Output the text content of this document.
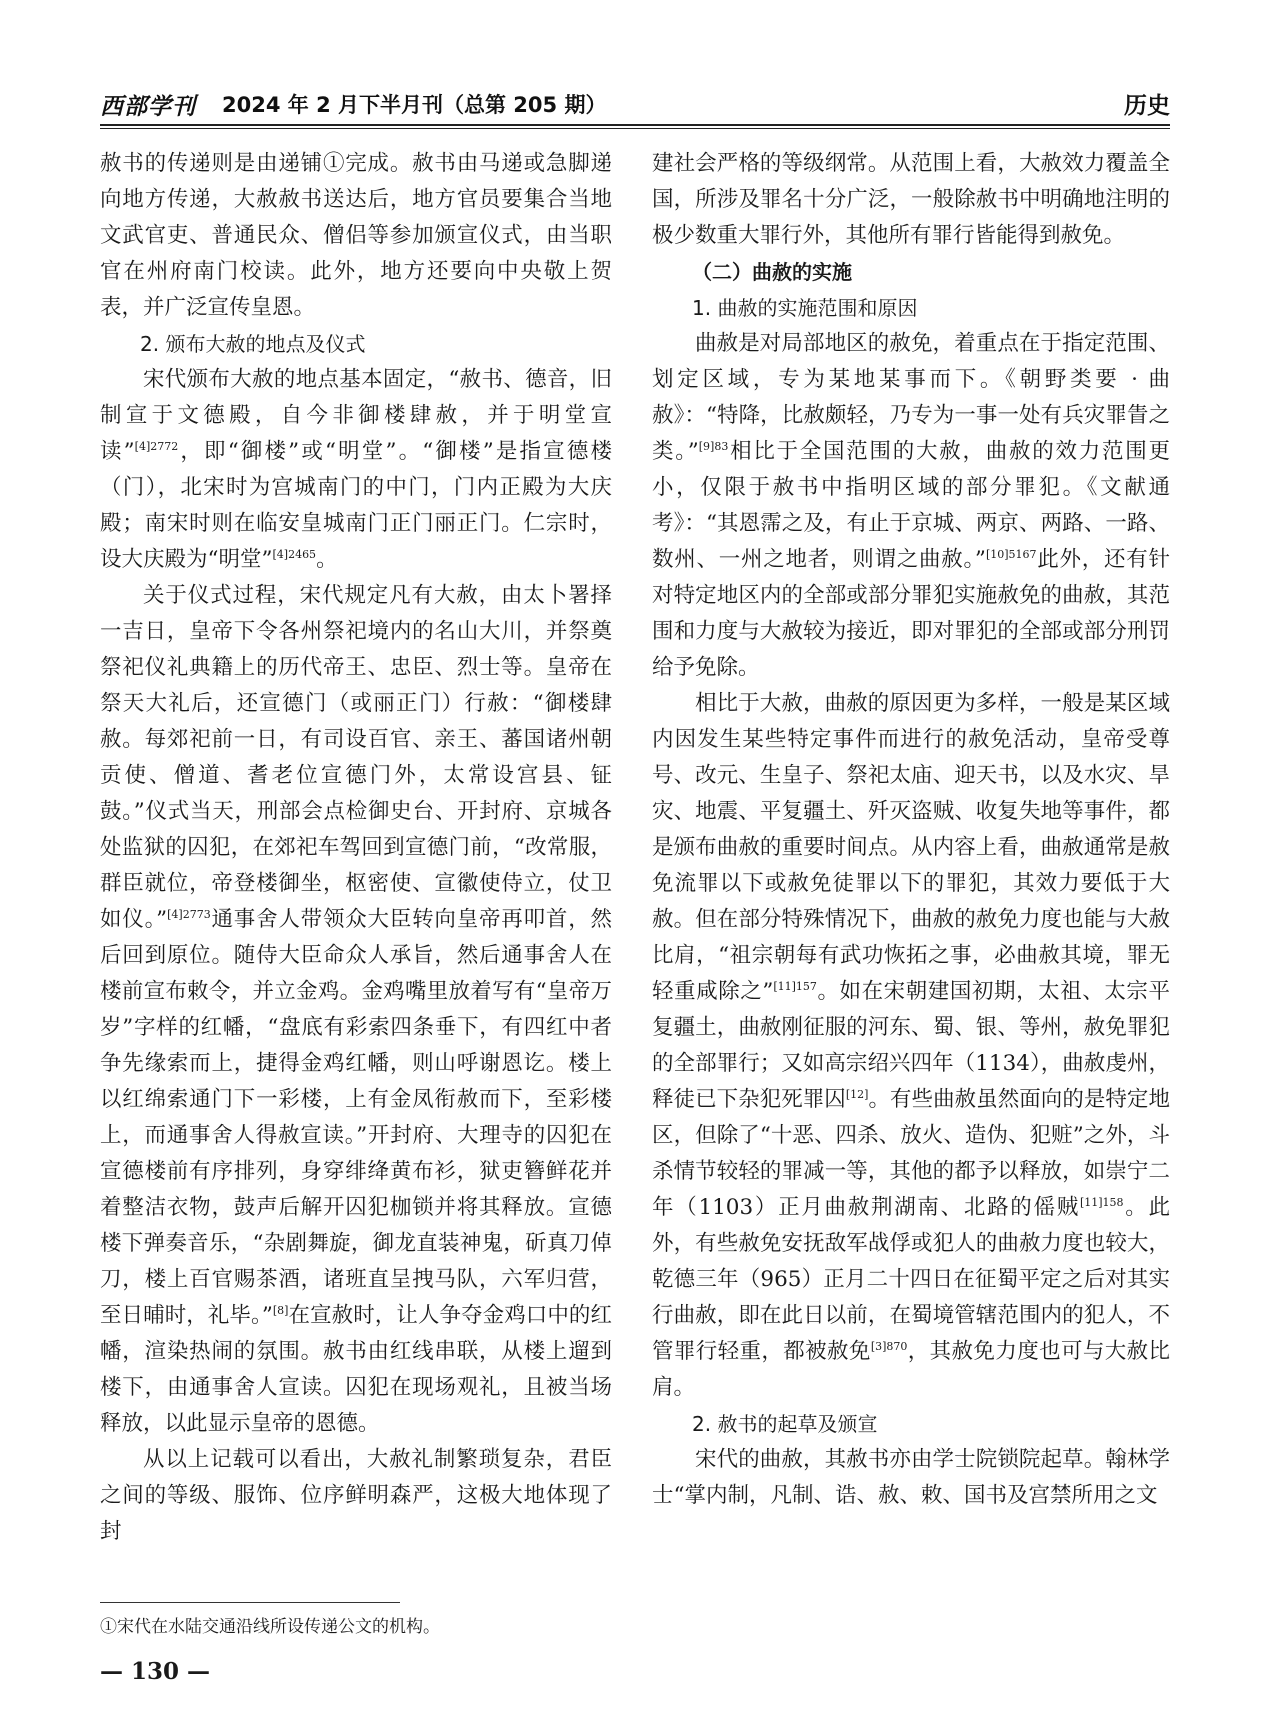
西部学刊 2024 年 2 月下半月刊（总第 205 期）	历史

赦书的传递则是由递铺①完成。赦书由马递或急脚递向地方传递，大赦赦书送达后，地方官员要集合当地文武官吏、普通民众、僧侣等参加颁宣仪式，由当职官在州府南门校读。此外，地方还要向中央敬上贺表，并广泛宣传皇恩。

2. 颁布大赦的地点及仪式

宋代颁布大赦的地点基本固定，“赦书、德音，旧制宣于文德殿，自今非御楼肆赦，并于明堂宣读”$^{[4]2772}$，即“御楼”或“明堂”。“御楼”是指宣德楼（门），北宋时为宫城南门的中门，门内正殿为大庆殿；南宋时则在临安皇城南门正门丽正门。仁宗时，设大庆殿为“明堂”$^{[4]2465}$。

关于仪式过程，宋代规定凡有大赦，由太卜署择一吉日，皇帝下令各州祭祀境内的名山大川，并祭奠祭祀仪礼典籍上的历代帝王、忠臣、烈士等。皇帝在祭天大礼后，还宣德门（或丽正门）行赦：“御楼肆赦。每郊祀前一日，有司设百官、亲王、蕃国诸州朝贡使、僧道、耆老位宣德门外，太常设宫县、钲鼓。”仪式当天，刑部会点检御史台、开封府、京城各处监狱的囚犯，在郊祀车驾回到宣德门前，“改常服，群臣就位，帝登楼御坐，枢密使、宣徽使侍立，仗卫如仪。”$^{[4]2773}$通事舍人带领众大臣转向皇帝再叩首，然后回到原位。随侍大臣命众人承旨，然后通事舍人在楼前宣布敕令，并立金鸡。金鸡嘴里放着写有“皇帝万岁”字样的红幡，“盘底有彩索四条垂下，有四红中者争先缘索而上，捷得金鸡红幡，则山呼谢恩讫。楼上以红绵索通门下一彩楼，上有金凤衔赦而下，至彩楼上，而通事舍人得赦宣读。”开封府、大理寺的囚犯在宣德楼前有序排列，身穿绯绛黄布衫，狱吏簪鲜花并着整洁衣物，鼓声后解开囚犯枷锁并将其释放。宣德楼下弹奏音乐，“杂剧舞旋，御龙直装神鬼，斫真刀倬刀，楼上百官赐茶酒，诸班直呈拽马队，六军归营，至日晡时，礼毕。”[8]在宣赦时，让人争夺金鸡口中的红幡，渲染热闹的氛围。赦书由红线串联，从楼上遛到楼下，由通事舍人宣读。囚犯在现场观礼，且被当场释放，以此显示皇帝的恩德。

从以上记载可以看出，大赦礼制繁琐复杂，君臣之间的等级、服饰、位序鲜明森严，这极大地体现了封

建社会严格的等级纲常。从范围上看，大赦效力覆盖全国，所涉及罪名十分广泛，一般除赦书中明确地注明的极少数重大罪行外，其他所有罪行皆能得到赦免。

（二）曲赦的实施

1. 曲赦的实施范围和原因

曲赦是对局部地区的赦免，着重点在于指定范围、划定区域，专为某地某事而下。《朝野类要 · 曲赦》：“特降，比赦颇轻，乃专为一事一处有兵灾罪眚之类。”$^{[9]83}$相比于全国范围的大赦，曲赦的效力范围更小，仅限于赦书中指明区域的部分罪犯。《文献通考》：“其恩霈之及，有止于京城、两京、两路、一路、数州、一州之地者，则谓之曲赦。”$^{[10]5167}$此外，还有针对特定地区内的全部或部分罪犯实施赦免的曲赦，其范围和力度与大赦较为接近，即对罪犯的全部或部分刑罚给予免除。

相比于大赦，曲赦的原因更为多样，一般是某区域内因发生某些特定事件而进行的赦免活动，皇帝受尊号、改元、生皇子、祭祀太庙、迎天书，以及水灾、旱灾、地震、平复疆土、歼灭盗贼、收复失地等事件，都是颁布曲赦的重要时间点。从内容上看，曲赦通常是赦免流罪以下或赦免徒罪以下的罪犯，其效力要低于大赦。但在部分特殊情况下，曲赦的赦免力度也能与大赦比肩，“祖宗朝每有武功恢拓之事，必曲赦其境，罪无轻重咸除之”$^{[11]157}$。如在宋朝建国初期，太祖、太宗平复疆土，曲赦刚征服的河东、蜀、银、等州，赦免罪犯的全部罪行；又如高宗绍兴四年（1134），曲赦虔州，释徒已下杂犯死罪囚[12]。有些曲赦虽然面向的是特定地区，但除了“十恶、四杀、放火、造伪、犯赃”之外，斗杀情节较轻的罪减一等，其他的都予以释放，如崇宁二年（1103）正月曲赦荆湖南、北路的傜贼$^{[11]158}$。此外，有些赦免安抚敌军战俘或犯人的曲赦力度也较大，乾德三年（965）正月二十四日在征蜀平定之后对其实行曲赦，即在此日以前，在蜀境管辖范围内的犯人，不管罪行轻重，都被赦免$^{[3]870}$，其赦免力度也可与大赦比肩。

2. 赦书的起草及颁宣

宋代的曲赦，其赦书亦由学士院锁院起草。翰林学士“掌内制，凡制、诰、赦、敕、国书及宫禁所用之文

①宋代在水陆交通沿线所设传递公文的机构。
— 130 —
